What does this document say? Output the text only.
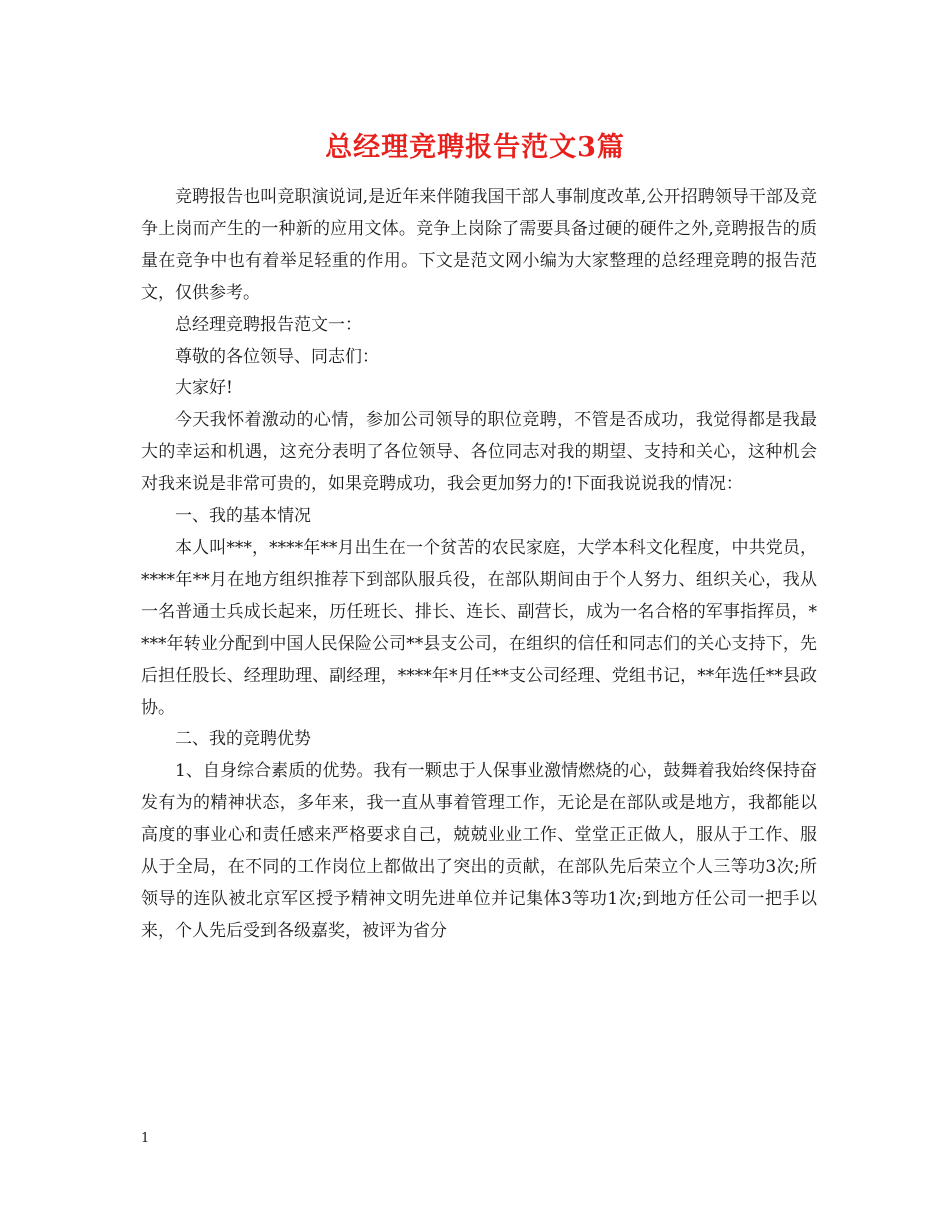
总经理竞聘报告范文3篇

竞聘报告也叫竞职演说词,是近年来伴随我国干部人事制度改革,公开招聘领导干部及竞争上岗而产生的一种新的应用文体。竞争上岗除了需要具备过硬的硬件之外,竞聘报告的质量在竞争中也有着举足轻重的作用。下文是范文网小编为大家整理的总经理竞聘的报告范文，仅供参考。

总经理竞聘报告范文一：

尊敬的各位领导、同志们：

大家好!

今天我怀着激动的心情，参加公司领导的职位竞聘，不管是否成功，我觉得都是我最大的幸运和机遇，这充分表明了各位领导、各位同志对我的期望、支持和关心，这种机会对我来说是非常可贵的，如果竞聘成功，我会更加努力的!下面我说说我的情况：

一、我的基本情况

本人叫***，****年**月出生在一个贫苦的农民家庭，大学本科文化程度，中共党员，****年**月在地方组织推荐下到部队服兵役，在部队期间由于个人努力、组织关心，我从一名普通士兵成长起来，历任班长、排长、连长、副营长，成为一名合格的军事指挥员，****年转业分配到中国人民保险公司**县支公司，在组织的信任和同志们的关心支持下，先后担任股长、经理助理、副经理，****年*月任**支公司经理、党组书记，**年选任**县政协。

二、我的竞聘优势

1、自身综合素质的优势。我有一颗忠于人保事业激情燃烧的心，鼓舞着我始终保持奋发有为的精神状态，多年来，我一直从事着管理工作，无论是在部队或是地方，我都能以高度的事业心和责任感来严格要求自己，兢兢业业工作、堂堂正正做人，服从于工作、服从于全局，在不同的工作岗位上都做出了突出的贡献，在部队先后荣立个人三等功3次;所领导的连队被北京军区授予精神文明先进单位并记集体3等功1次;到地方任公司一把手以来，个人先后受到各级嘉奖，被评为省分

1
